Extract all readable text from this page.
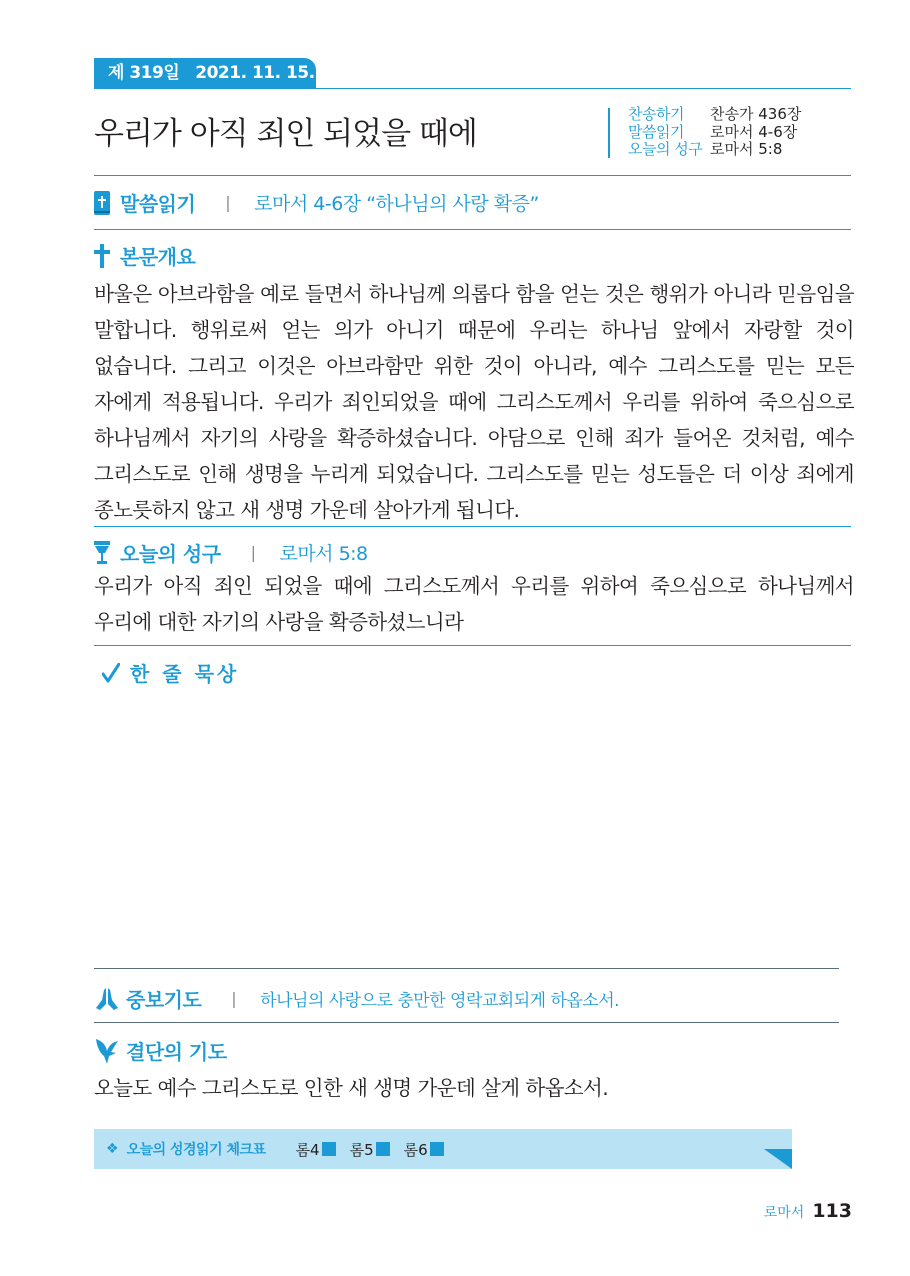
제 319일 2021. 11. 15. 월
우리가 아직 죄인 되었을 때에
찬송하기 찬송가 436장
말씀읽기 로마서 4-6장
오늘의 성구 로마서 5:8
말씀읽기 | 로마서 4-6장 “하나님의 사랑 확증”
본문개요
바울은 아브라함을 예로 들면서 하나님께 의롭다 함을 얻는 것은 행위가 아니라 믿음임을 말합니다. 행위로써 얻는 의가 아니기 때문에 우리는 하나님 앞에서 자랑할 것이 없습니다. 그리고 이것은 아브라함만 위한 것이 아니라, 예수 그리스도를 믿는 모든 자에게 적용됩니다. 우리가 죄인되었을 때에 그리스도께서 우리를 위하여 죽으심으로 하나님께서 자기의 사랑을 확증하셨습니다. 아담으로 인해 죄가 들어온 것처럼, 예수 그리스도로 인해 생명을 누리게 되었습니다. 그리스도를 믿는 성도들은 더 이상 죄에게 종노릇하지 않고 새 생명 가운데 살아가게 됩니다.
오늘의 성구 | 로마서 5:8
우리가 아직 죄인 되었을 때에 그리스도께서 우리를 위하여 죽으심으로 하나님께서 우리에 대한 자기의 사랑을 확증하셨느니라
한 줄 묵상
중보기도 | 하나님의 사랑으로 충만한 영락교회되게 하옵소서.
결단의 기도
오늘도 예수 그리스도로 인한 새 생명 가운데 살게 하옵소서.
❖ 오늘의 성경읽기 체크표 롬4 롬5 롬6
로마서 113
